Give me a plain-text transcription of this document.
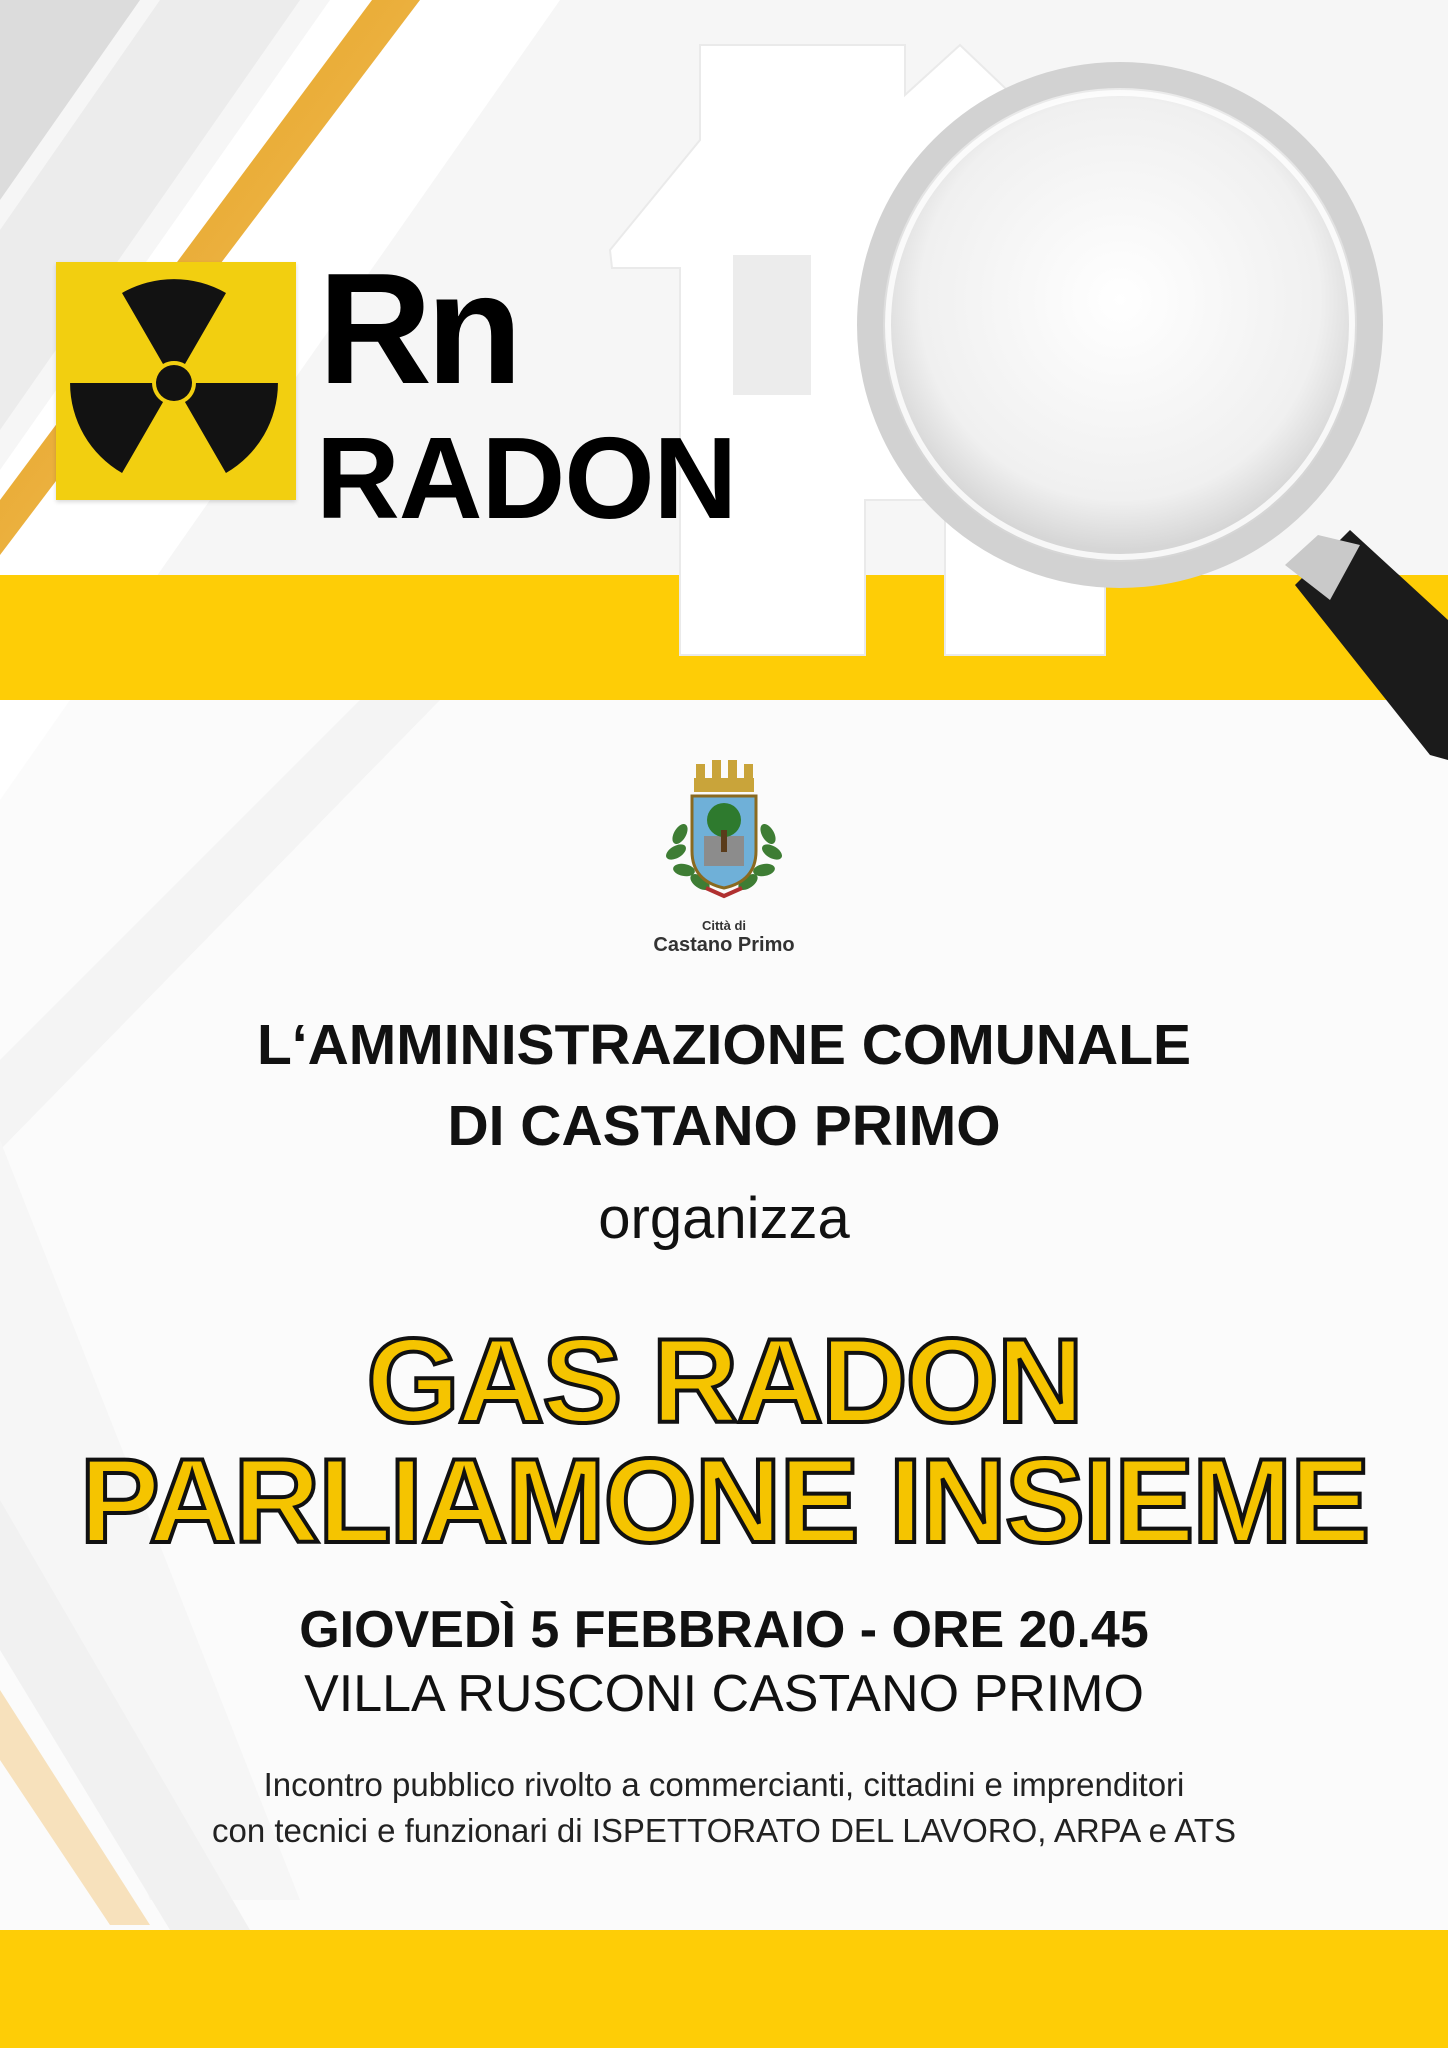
Rn
RADON
Città di
Castano Primo
L‘AMMINISTRAZIONE COMUNALE
DI CASTANO PRIMO
organizza
GAS RADON
PARLIAMONE INSIEME
GIOVEDÌ 5 FEBBRAIO - ORE 20.45
VILLA RUSCONI CASTANO PRIMO
Incontro pubblico rivolto a commercianti, cittadini e imprenditori
con tecnici e funzionari di ISPETTORATO DEL LAVORO, ARPA e ATS
